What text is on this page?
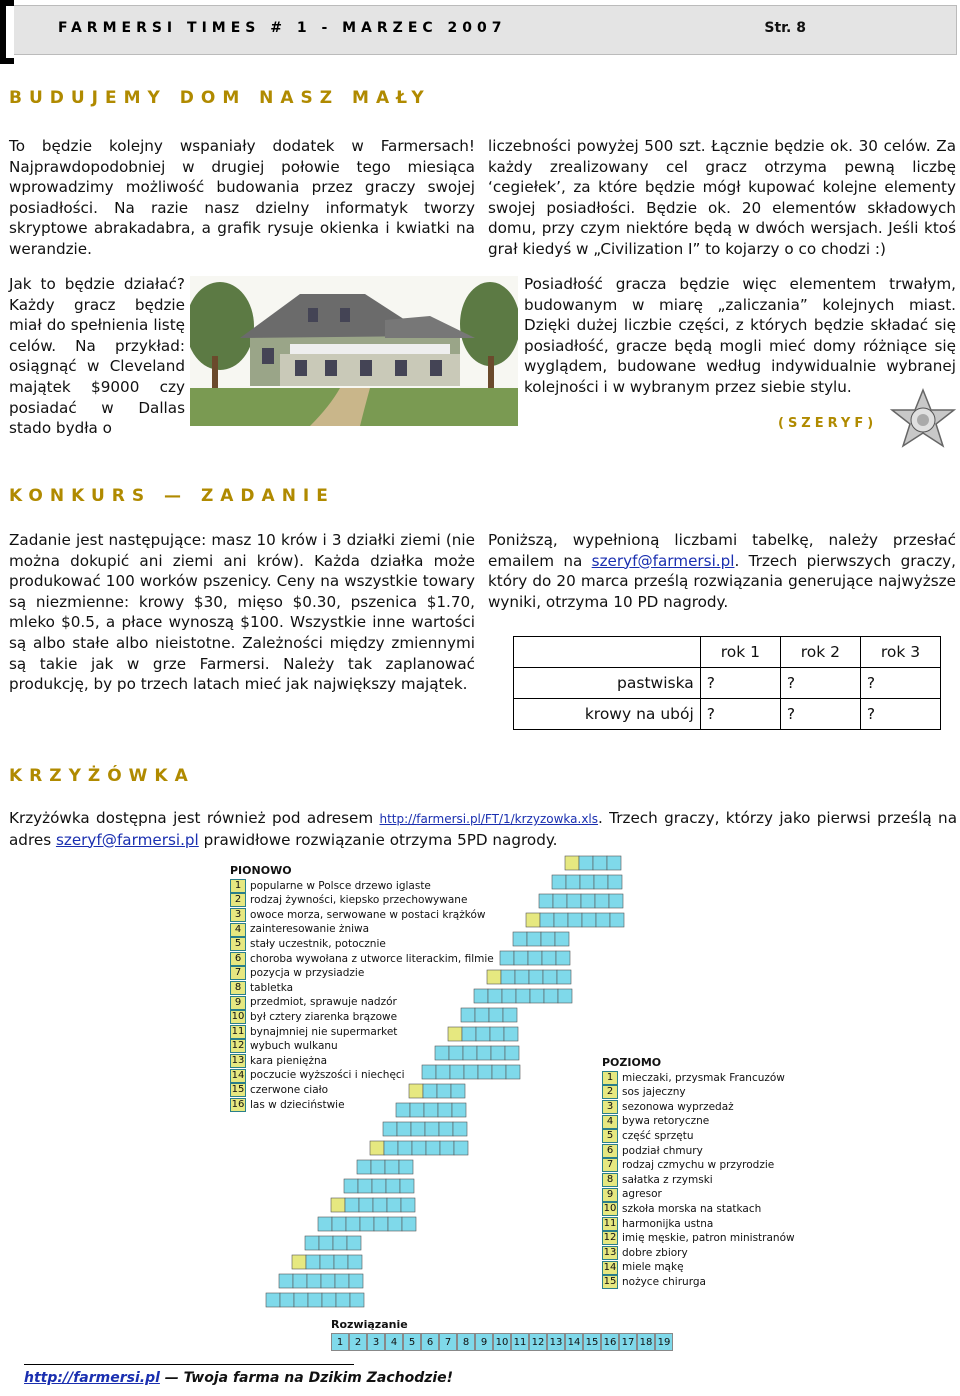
FARMERSI TIMES # 1 - MARZEC 2007	Str. 8
BUDUJEMY DOM NASZ MAŁY

To będzie kolejny wspaniały dodatek w Farmersach! Najprawdopodobniej w drugiej połowie tego miesiąca wprowadzimy możliwość budowania przez graczy swojej posiadłości. Na razie nasz dzielny informatyk tworzy skryptowe abrakadabra, a grafik rysuje okienka i kwiatki na werandzie.

Jak to będzie działać? Każdy gracz będzie miał do spełnienia listę celów. Na przykład: osiągnąć w Cleveland majątek $9000 czy posiadać w Dallas stado bydła o

liczebności powyżej 500 szt. Łącznie będzie ok. 30 celów. Za każdy zrealizowany cel gracz otrzyma pewną liczbę ‘cegiełek’, za które będzie mógł kupować kolejne elementy swojej posiadłości. Będzie ok. 20 elementów składowych domu, przy czym niektóre będą w dwóch wersjach. Jeśli ktoś grał kiedyś w „Civilization I” to kojarzy o co chodzi :)

Posiadłość gracza będzie więc elementem trwałym, budowanym w miarę „zaliczania” kolejnych miast. Dzięki dużej liczbie części, z których będzie składać się posiadłość, gracze będą mogli mieć domy różniące się wyglądem, budowane według indywidualnie wybranej kolejności i w wybranym przez siebie stylu.

(SZERYF)
KONKURS — ZADANIE

Zadanie jest następujące: masz 10 krów i 3 działki ziemi (nie można dokupić ani ziemi ani krów). Każda działka może produkować 100 worków pszenicy. Ceny na wszystkie towary są niezmienne: krowy $30, mięso $0.30, pszenica $1.70, mleko $0.5, a płace wynoszą $100. Wszystkie inne wartości są albo stałe albo nieistotne. Zależności między zmiennymi są takie jak w grze Farmersi. Należy tak zaplanować produkcję, by po trzech latach mieć jak największy majątek.

Poniższą, wypełnioną liczbami tabelkę, należy przesłać emailem na szeryf@farmersi.pl. Trzech pierwszych graczy, który do 20 marca prześlą rozwiązania generujące najwyższe wyniki, otrzyma 10 PD nagrody.

	rok 1	rok 2	rok 3
pastwiska	?	?	?
krowy na ubój	?	?	?
KRZYŻÓWKA

Krzyżówka dostępna jest również pod adresem http://farmersi.pl/FT/1/krzyzowka.xls. Trzech graczy, którzy jako pierwsi prześlą na adres szeryf@farmersi.pl prawidłowe rozwiązanie otrzyma 5PD nagrody.

PIONOWO
1 popularne w Polsce drzewo iglaste
2 rodzaj żywności, kiepsko przechowywane
3 owoce morza, serwowane w postaci krążków
4 zainteresowanie żniwa
5 stały uczestnik, potocznie
6 choroba wywołana z utworce literackim, filmie
7 pozycja w przysiadzie
8 tabletka
9 przedmiot, sprawuje nadzór
10 był cztery ziarenka brązowe
11 bynajmniej nie supermarket
12 wybuch wulkanu
13 kara pieniężna
14 poczucie wyższości i niechęci
15 czerwone ciało
16 las w dzieciństwie
POZIOMO
1 mieczaki, przysmak Francuzów
2 sos jajeczny
3 sezonowa wyprzedaż
4 bywa retoryczne
5 część sprzętu
6 podział chmury
7 rodzaj czmychu w przyrodzie
8 sałatka z rzymski
9 agresor
10 szkoła morska na statkach
11 harmonijka ustna
12 imię męskie, patron ministranów
13 dobre zbiory
14 miele mąkę
15 nożyce chirurga
Rozwiązanie
1	2	3	4	5	6	7	8	9 10 11 12 13 14 15 16 17 18 19
http://farmersi.pl — Twoja farma na Dzikim Zachodzie!
